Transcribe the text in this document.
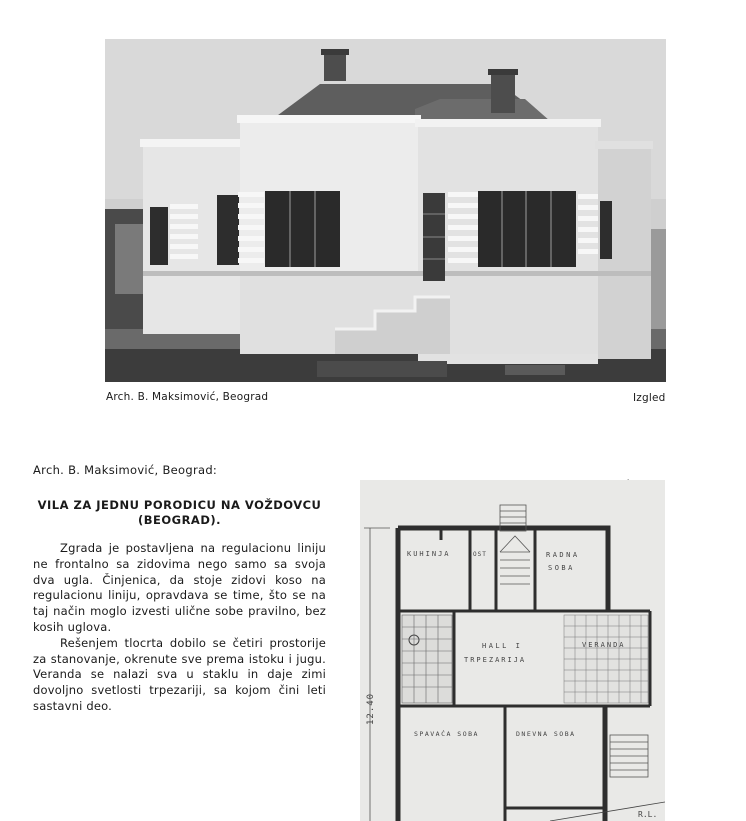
Arch. B. Maksimović, Beograd	Izgled
Arch. B. Maksimović, Beograd:
VILA ZA JEDNU PORODICU NA VOŽDOVCU (BEOGRAD).

Zgrada je postavljena na regulacionu liniju ne frontalno sa zidovima nego samo sa svoja dva ugla. Činjenica, da stoje zidovi koso na regulacionu liniju, opravdava se time, što se na taj način moglo izvesti ulične sobe pravilno, bez kosih uglova.

Rešenjem tlocrta dobilo se četiri prostorije za stanovanje, okrenute sve prema istoku i jugu. Veranda se nalazi sva u staklu in daje zimi dovoljno svetlosti trpezariji, sa kojom čini leti sastavni deo.

KUHINJA	OST	RADNA
SOBA
HALL I
TRPEZARIJA
VERANDA
SPAVAĆA SOBA	DNEVNA SOBA
12.40
R.L.
